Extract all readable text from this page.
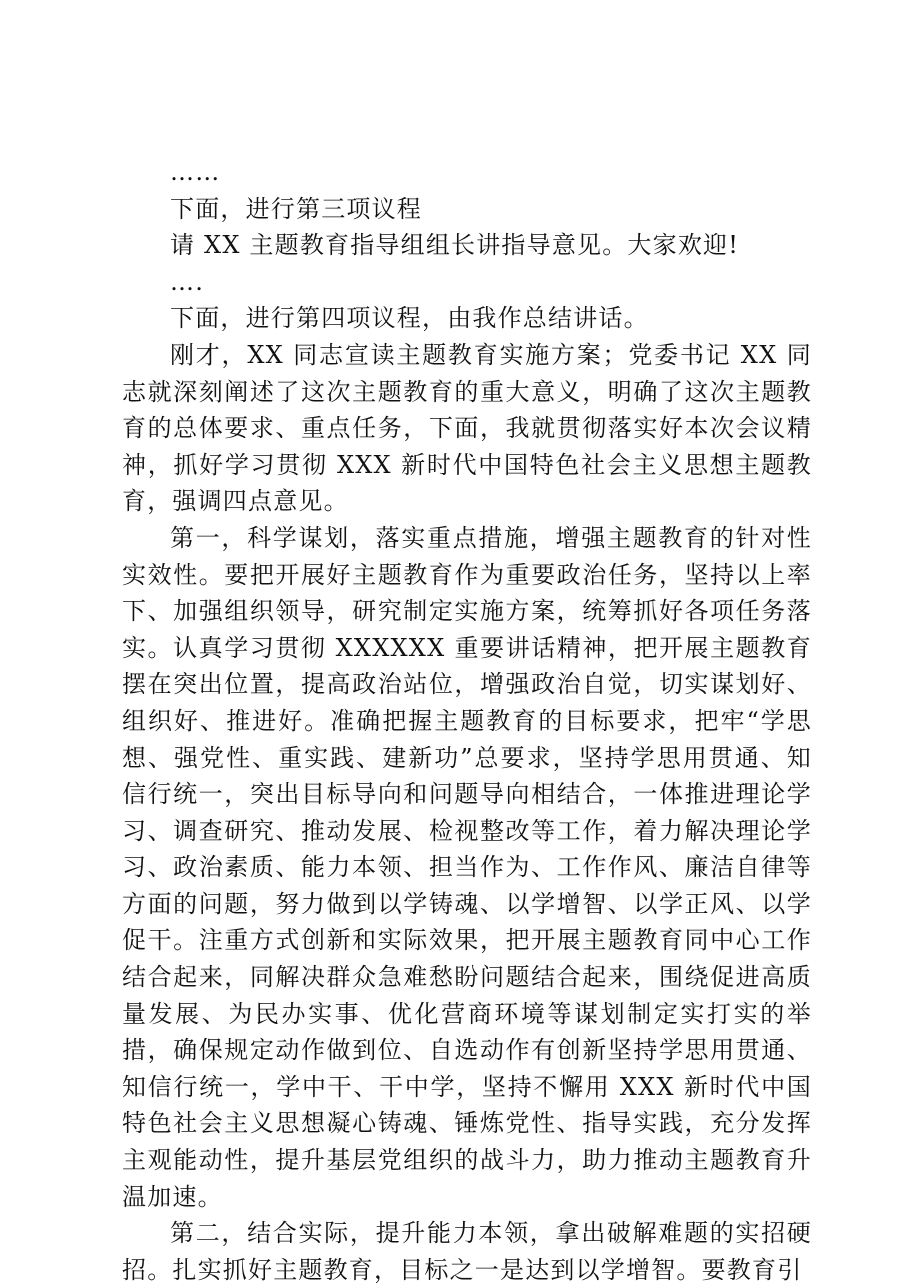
……

下面，进行第三项议程

请 XX 主题教育指导组组长讲指导意见。大家欢迎!

….

下面，进行第四项议程，由我作总结讲话。

刚才，XX 同志宣读主题教育实施方案；党委书记 XX 同志就深刻阐述了这次主题教育的重大意义，明确了这次主题教育的总体要求、重点任务，下面，我就贯彻落实好本次会议精神，抓好学习贯彻 XXX 新时代中国特色社会主义思想主题教育，强调四点意见。

第一，科学谋划，落实重点措施，增强主题教育的针对性实效性。要把开展好主题教育作为重要政治任务，坚持以上率下、加强组织领导，研究制定实施方案，统筹抓好各项任务落实。认真学习贯彻 XXXXXX 重要讲话精神，把开展主题教育摆在突出位置，提高政治站位，增强政治自觉，切实谋划好、组织好、推进好。准确把握主题教育的目标要求，把牢“学思想、强党性、重实践、建新功”总要求，坚持学思用贯通、知信行统一，突出目标导向和问题导向相结合，一体推进理论学习、调查研究、推动发展、检视整改等工作，着力解决理论学习、政治素质、能力本领、担当作为、工作作风、廉洁自律等方面的问题，努力做到以学铸魂、以学增智、以学正风、以学促干。注重方式创新和实际效果，把开展主题教育同中心工作结合起来，同解决群众急难愁盼问题结合起来，围绕促进高质量发展、为民办实事、优化营商环境等谋划制定实打实的举措，确保规定动作做到位、自选动作有创新坚持学思用贯通、知信行统一，学中干、干中学，坚持不懈用 XXX 新时代中国特色社会主义思想凝心铸魂、锤炼党性、指导实践，充分发挥主观能动性，提升基层党组织的战斗力，助力推动主题教育升温加速。

第二，结合实际，提升能力本领，拿出破解难题的实招硬招。扎实抓好主题教育，目标之一是达到以学增智。要教育引
